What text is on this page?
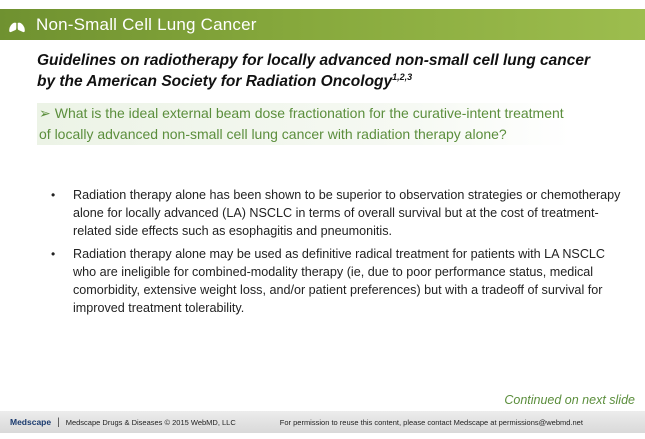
Non-Small Cell Lung Cancer
Guidelines on radiotherapy for locally advanced non-small cell lung cancer by the American Society for Radiation Oncology$^{1,2,3}$
➢ What is the ideal external beam dose fractionation for the curative-intent treatment of locally advanced non-small cell lung cancer with radiation therapy alone?
• Radiation therapy alone has been shown to be superior to observation strategies or chemotherapy alone for locally advanced (LA) NSCLC in terms of overall survival but at the cost of treatment-related side effects such as esophagitis and pneumonitis.
• Radiation therapy alone may be used as definitive radical treatment for patients with LA NSCLC who are ineligible for combined-modality therapy (ie, due to poor performance status, medical comorbidity, extensive weight loss, and/or patient preferences) but with a tradeoff of survival for improved treatment tolerability.
Continued on next slide
Medscape | Medscape Drugs & Diseases © 2015 WebMD, LLC	For permission to reuse this content, please contact Medscape at permissions@webmd.net
